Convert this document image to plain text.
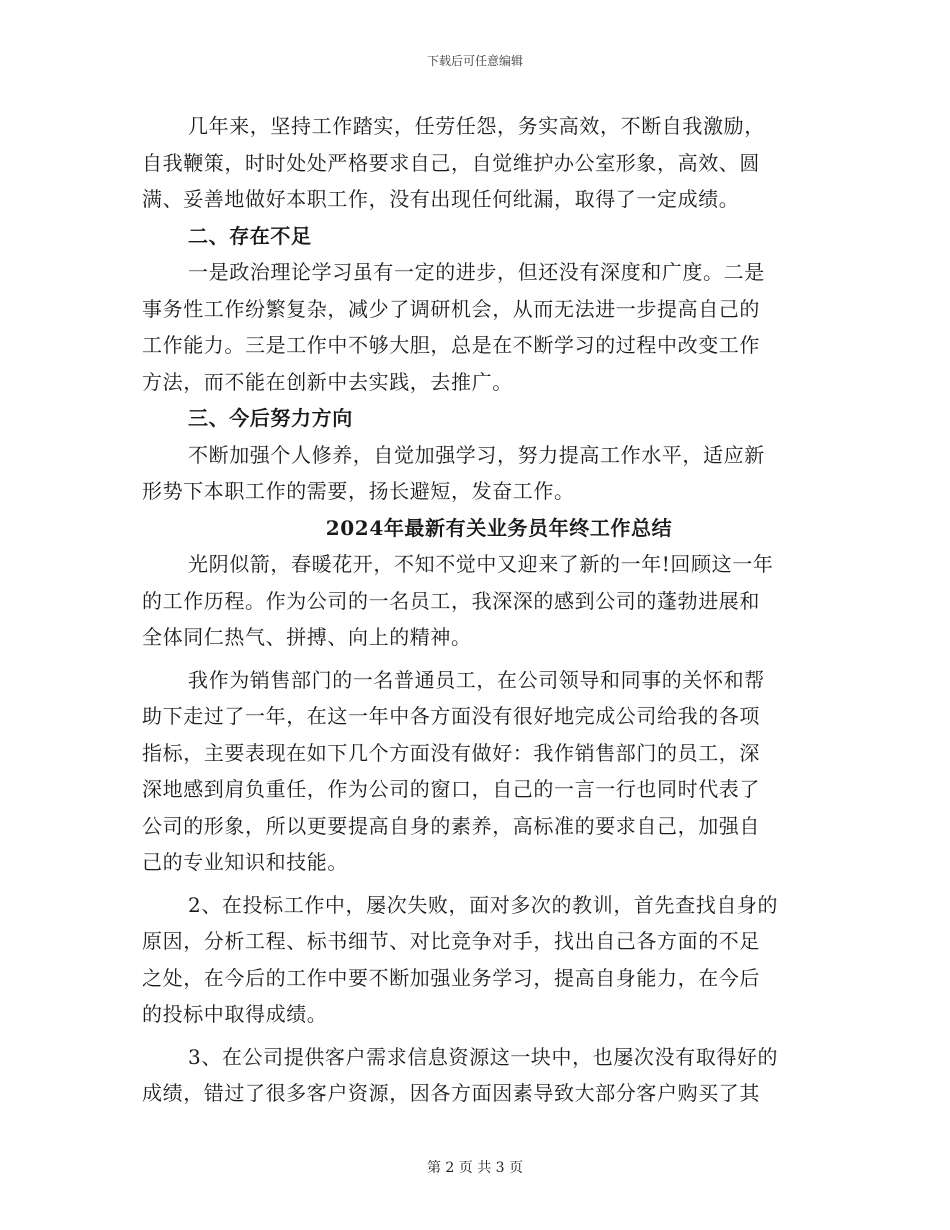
下载后可任意编辑
几年来，坚持工作踏实，任劳任怨，务实高效，不断自我激励，
自我鞭策，时时处处严格要求自己，自觉维护办公室形象，高效、圆
满、妥善地做好本职工作，没有出现任何纰漏，取得了一定成绩。
二、存在不足
一是政治理论学习虽有一定的进步，但还没有深度和广度。二是
事务性工作纷繁复杂，减少了调研机会，从而无法进一步提高自己的
工作能力。三是工作中不够大胆，总是在不断学习的过程中改变工作
方法，而不能在创新中去实践，去推广。
三、今后努力方向
不断加强个人修养，自觉加强学习，努力提高工作水平，适应新
形势下本职工作的需要，扬长避短，发奋工作。
2024年最新有关业务员年终工作总结
光阴似箭，春暖花开，不知不觉中又迎来了新的一年!回顾这一年
的工作历程。作为公司的一名员工，我深深的感到公司的蓬勃进展和
全体同仁热气、拼搏、向上的精神。
我作为销售部门的一名普通员工，在公司领导和同事的关怀和帮
助下走过了一年，在这一年中各方面没有很好地完成公司给我的各项
指标，主要表现在如下几个方面没有做好：我作销售部门的员工，深
深地感到肩负重任，作为公司的窗口，自己的一言一行也同时代表了
公司的形象，所以更要提高自身的素养，高标准的要求自己，加强自
己的专业知识和技能。
2、在投标工作中，屡次失败，面对多次的教训，首先查找自身的
原因，分析工程、标书细节、对比竞争对手，找出自己各方面的不足
之处，在今后的工作中要不断加强业务学习，提高自身能力，在今后
的投标中取得成绩。
3、在公司提供客户需求信息资源这一块中，也屡次没有取得好的
成绩，错过了很多客户资源，因各方面因素导致大部分客户购买了其
第 2 页 共 3 页
